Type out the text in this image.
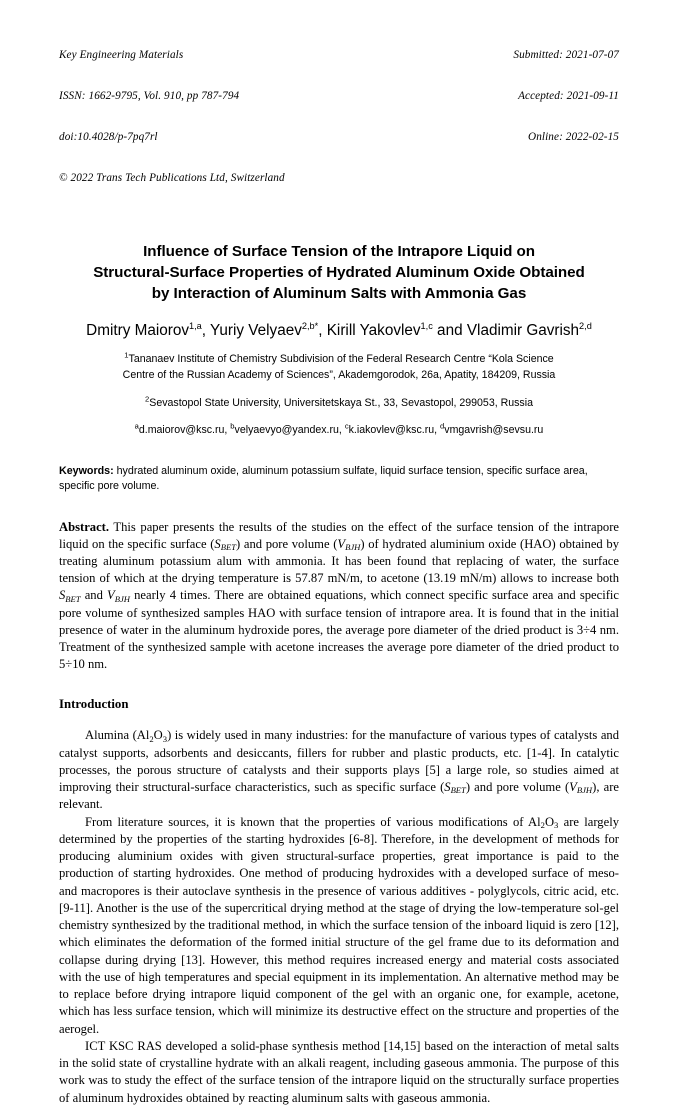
Key Engineering Materials

ISSN: 1662-9795, Vol. 910, pp 787-794

doi:10.4028/p-7pq7rl

© 2022 Trans Tech Publications Ltd, Switzerland

Submitted: 2021-07-07

Accepted: 2021-09-11

Online: 2022-02-15

Influence of Surface Tension of the Intrapore Liquid on
Structural-Surface Properties of Hydrated Aluminum Oxide Obtained
by Interaction of Aluminum Salts with Ammonia Gas
Dmitry Maiorov$^{1,a}$, Yuriy Velyaev$^{2,b*}$, Kirill Yakovlev$^{1,c}$ and Vladimir Gavrish$^{2,d}$
$^1$Tananaev Institute of Chemistry Subdivision of the Federal Research Centre “Kola Science
Centre of the Russian Academy of Sciences”, Akademgorodok, 26a, Apatity, 184209, Russia
$^2$Sevastopol State University, Universitetskaya St., 33, Sevastopol, 299053, Russia
$^a$d.maiorov@ksc.ru, $^b$velyaevyo@yandex.ru, $^c$k.iakovlev@ksc.ru, $^d$vmgavrish@sevsu.ru
Keywords: hydrated aluminum oxide, aluminum potassium sulfate, liquid surface tension, specific surface area, specific pore volume.
Abstract. This paper presents the results of the studies on the effect of the surface tension of the intrapore liquid on the specific surface $(S_{BET})$ and pore volume $(V_{BJH})$ of hydrated aluminium oxide (HAO) obtained by treating aluminum potassium alum with ammonia. It has been found that replacing of water, the surface tension of which at the drying temperature is 57.87 mN/m, to acetone (13.19 mN/m) allows to increase both $S_{BET}$ and $V_{BJH}$ nearly 4 times. There are obtained equations, which connect specific surface area and specific pore volume of synthesized samples HAO with surface tension of intrapore area. It is found that in the initial presence of water in the aluminum hydroxide pores, the average pore diameter of the dried product is 3÷4 nm. Treatment of the synthesized sample with acetone increases the average pore diameter of the dried product to 5÷10 nm.
Introduction

Alumina $(Al_2O_3)$ is widely used in many industries: for the manufacture of various types of catalysts and catalyst supports, adsorbents and desiccants, fillers for rubber and plastic products, etc. [1-4]. In catalytic processes, the porous structure of catalysts and their supports plays [5] a large role, so studies aimed at improving their structural-surface characteristics, such as specific surface $(S_{BET})$ and pore volume $(V_{BJH})$, are relevant.

From literature sources, it is known that the properties of various modifications of $Al_2O_3$ are largely determined by the properties of the starting hydroxides [6-8]. Therefore, in the development of methods for producing aluminium oxides with given structural-surface properties, great importance is paid to the production of starting hydroxides. One method of producing hydroxides with a developed surface of meso- and macropores is their autoclave synthesis in the presence of various additives - polyglycols, citric acid, etc. [9-11]. Another is the use of the supercritical drying method at the stage of drying the low-temperature sol-gel chemistry synthesized by the traditional method, in which the surface tension of the inboard liquid is zero [12], which eliminates the deformation of the formed initial structure of the gel frame due to its deformation and collapse during drying [13]. However, this method requires increased energy and material costs associated with the use of high temperatures and special equipment in its implementation. An alternative method may be to replace before drying intrapore liquid component of the gel with an organic one, for example, acetone, which has less surface tension, which will minimize its destructive effect on the structure and properties of the aerogel.

ICT KSC RAS developed a solid-phase synthesis method [14,15] based on the interaction of metal salts in the solid state of crystalline hydrate with an alkali reagent, including gaseous ammonia. The purpose of this work was to study the effect of the surface tension of the intrapore liquid on the structurally surface properties of aluminum hydroxides obtained by reacting aluminum salts with gaseous ammonia.
